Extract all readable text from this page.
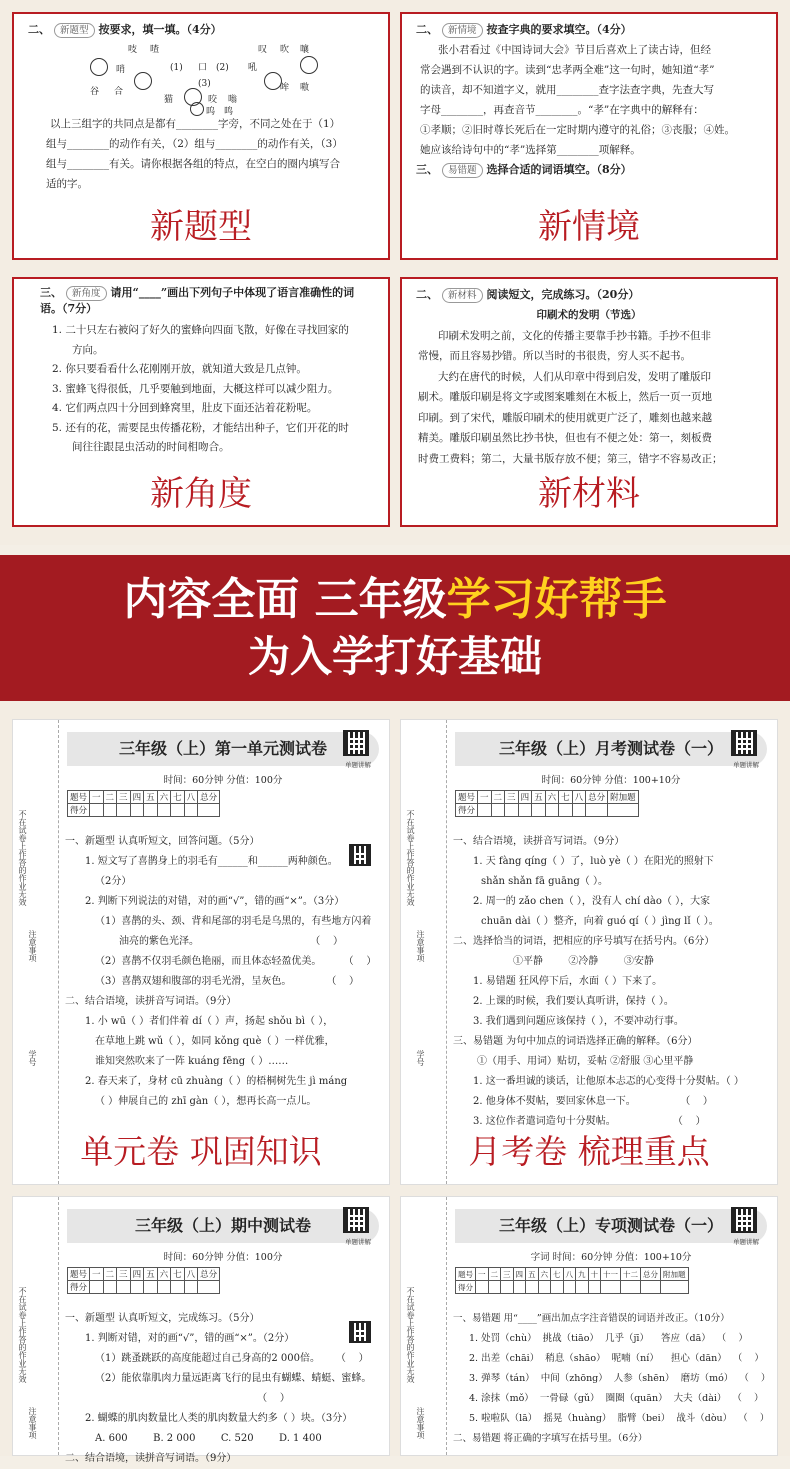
二、 新题型 按要求，填一填。（4分）
吱 喳	叹 吹 嚷
哨	口
(1)	(2) 吼
(3)
谷 合	哞 嗷
猫	咬 嗡
呜 鸣
以上三组字的共同点是都有________字旁，不同之处在于（1）
组与________的动作有关，（2）组与________的动作有关，（3）
组与________有关。请你根据各组的特点，在空白的圈内填写合
适的字。
新题型
二、 新情境 按查字典的要求填空。（4分）
张小君看过《中国诗词大会》节目后喜欢上了读古诗，但经
常会遇到不认识的字。读到“忠孝两全难”这一句时，她知道“孝”
的读音，却不知道字义，就用________查字法查字典，先查大写
字母________，再查音节________。“孝”在字典中的解释有：
①孝顺；②旧时尊长死后在一定时期内遵守的礼俗；③丧服；④姓。
她应该给诗句中的“孝”选择第________项解释。
三、 易错题 选择合适的词语填空。（8分）
新情境
三、 新角度 请用“____”画出下列句子中体现了语言准确性的词语。（7分）
1. 二十只左右被闷了好久的蜜蜂向四面飞散，好像在寻找回家的
方向。
2. 你只要看看什么花刚刚开放，就知道大致是几点钟。
3. 蜜蜂飞得很低，几乎要触到地面，大概这样可以减少阻力。
4. 它们两点四十分回到蜂窝里，肚皮下面还沾着花粉呢。
5. 还有的花，需要昆虫传播花粉，才能结出种子，它们开花的时
间往往跟昆虫活动的时间相吻合。
新角度
二、 新材料 阅读短文，完成练习。（20分）
印刷术的发明（节选）
印刷术发明之前，文化的传播主要靠手抄书籍。手抄不但非
常慢，而且容易抄错。所以当时的书很贵，穷人买不起书。
大约在唐代的时候，人们从印章中得到启发，发明了雕版印
刷术。雕版印刷是将文字或图案雕刻在木板上，然后一页一页地
印刷。到了宋代，雕版印刷术的使用就更广泛了，雕刻也越来越
精美。雕版印刷虽然比抄书快，但也有不便之处：第一，刻板费
时费工费料；第二，大量书版存放不便；第三，错字不容易改正；
新材料
内容全面 三年级学习好帮手
为入学打好基础
不在试卷上作答的作业无效
注意事项
学号
三年级（上）第一单元测试卷
单题讲解
时间：60分钟 分值：100分
题号	一	二	三	四	五	六	七	八	总分
得分									
一、新题型 认真听短文，回答问题。（5分）
1. 短文写了喜鹊身上的羽毛有______和______两种颜色。
（2分）
2. 判断下列说法的对错，对的画“√”，错的画“×”。（3分）
（1）喜鹊的头、颈、背和尾部的羽毛是乌黑的，有些地方闪着
油亮的紫色光泽。                                   （    ）
（2）喜鹊不仅羽毛颜色艳丽，而且体态轻盈优美。       （    ）
（3）喜鹊双翅和腹部的羽毛光滑，呈灰色。           （    ）
二、结合语境，读拼音写词语。（9分）
1. 小 wū（ ）者们伴着 dí（ ）声，扬起 shǒu bì（ ），
在草地上跳 wǔ（ ），如同 kǒng què（ ）一样优雅，
谁知突然吹来了一阵 kuáng fēng（ ）……
2. 春天来了，身材 cū zhuàng（ ）的梧桐树先生 jì máng
（ ）伸展自己的 zhī gàn（ ），想再长高一点儿。
单元卷 巩固知识
不在试卷上作答的作业无效
注意事项
学号
三年级（上）月考测试卷（一）
单题讲解
时间：60分钟 分值：100+10分
题号	一	二	三	四	五	六	七	八	总分	附加题
得分										
一、结合语境，读拼音写词语。（9分）
1. 天 fàng qíng（ ）了，luò yè（ ）在阳光的照射下
shǎn shǎn fā guāng（ ）。
2. 周一的 zǎo chen（ ），没有人 chí dào（ ），大家
chuān dài（ ）整齐，向着 guó qí（ ）jìng lǐ（ ）。
二、选择恰当的词语，把相应的序号填写在括号内。（6分）
①平静        ②冷静        ③安静
1. 易错题 狂风停下后，水面（ ）下来了。
2. 上课的时候，我们要认真听讲，保持（ ）。
3. 我们遇到问题应该保持（ ），不要冲动行事。
三、易错题 为句中加点的词语选择正确的解释。（6分）
①（用手、用词）贴切，妥帖 ②舒服 ③心里平静
1. 这一番坦诚的谈话，让他原本忐忑的心变得十分熨帖。（ ）
2. 他身体不熨帖，要回家休息一下。              （    ）
3. 这位作者遣词造句十分熨帖。                  （    ）
月考卷 梳理重点
不在试卷上作答的作业无效
注意事项
三年级（上）期中测试卷
单题讲解
时间：60分钟 分值：100分
题号	一	二	三	四	五	六	七	八	总分
得分									
一、新题型 认真听短文，完成练习。（5分）
1. 判断对错，对的画“√”，错的画“×”。（2分）
（1）跳蚤跳跃的高度能超过自己身高的2 000倍。     （    ）
（2）能依靠肌肉力量远距离飞行的昆虫有蝴蝶、蜻蜓、蜜蜂。
（    ）
2. 蝴蝶的肌肉数量比人类的肌肉数量大约多（ ）块。（3分）
A. 600        B. 2 000        C. 520        D. 1 400
二、结合语境，读拼音写词语。（9分）
不在试卷上作答的作业无效
注意事项
三年级（上）专项测试卷（一）
单题讲解
字词 时间：60分钟 分值：100+10分
题号	一	二	三	四	五	六	七	八	九	十	十一	十二	总分	附加题
得分														
一、易错题 用“____”画出加点字注音错误的词语并改正。（10分）
1. 处罚（chù）  挑战（tiāo）  几乎（jī）    答应（dā）  （    ）
2. 出差（chāi）  稍息（shāo）  呢喃（ní）    担心（dān）  （    ）
3. 弹琴（tán）  中间（zhōng）  人参（shēn）  磨坊（mó）  （    ）
4. 涂抹（mǒ）  一骨碌（gǔ）  圈圈（quān）  大夫（dài）  （    ）
5. 啦啦队（lā）  摇晃（huàng）  脂臂（bei）  战斗（dòu）  （    ）
二、易错题 将正确的字填写在括号里。（6分）
